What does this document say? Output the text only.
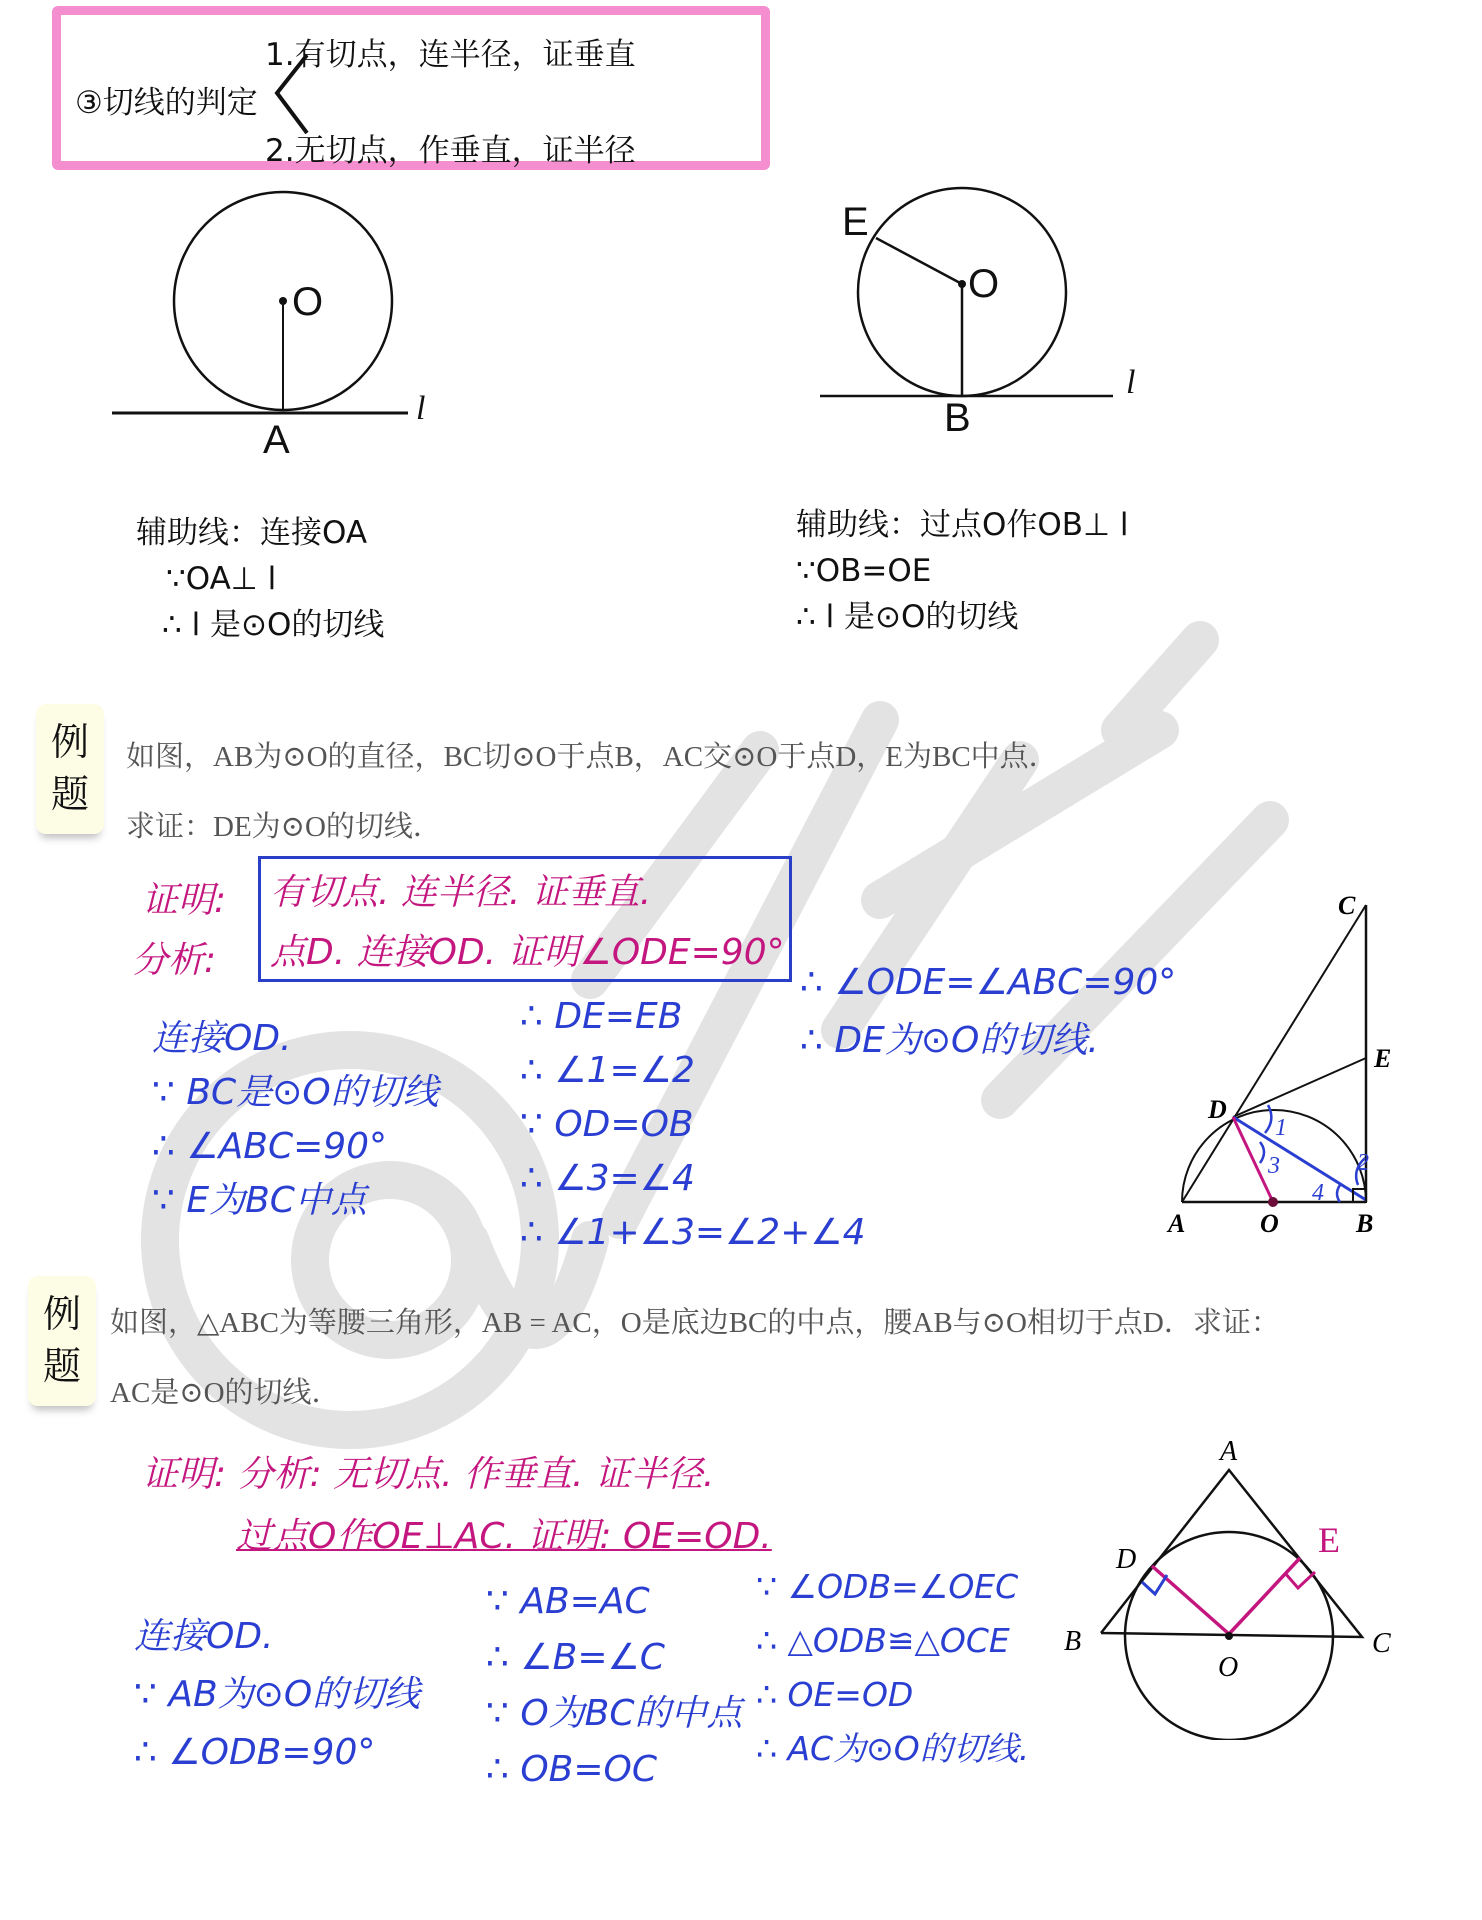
③切线的判定
1.有切点，连半径，证垂直
2.无切点，作垂直，证半径
O
A
l
E
O
B
l
辅助线：连接OA
∵OA⊥ l
∴ l 是⊙O的切线
辅助线：过点O作OB⊥ l
∵OB=OE
∴ l 是⊙O的切线
例
题
如图，AB为⊙O的直径，BC切⊙O于点B，AC交⊙O于点D，E为BC中点．
求证：DE为⊙O的切线．
证明:
分析:
有切点. 连半径. 证垂直.
点D. 连接OD. 证明∠ODE=90°
连接OD.
∵ BC是⊙O的切线
∴ ∠ABC=90°
∵ E为BC中点
∴ DE=EB
∴ ∠1=∠2
∵ OD=OB
∴ ∠3=∠4
∴ ∠1+∠3=∠2+∠4
∴ ∠ODE=∠ABC=90°
∴ DE为⊙O的切线.
1
2
3
4
A	O	B
C
E
D
例
题
如图，△ABC为等腰三角形，AB = AC，O是底边BC的中点，腰AB与⊙O相切于点D．求证：
AC是⊙O的切线．
证明: 分析: 无切点. 作垂直. 证半径.
过点O作OE⊥AC. 证明: OE=OD.
连接OD.
∵ AB为⊙O的切线
∴ ∠ODB=90°
∵ AB=AC
∴ ∠B=∠C
∵ O为BC的中点
∴ OB=OC
∵ ∠ODB=∠OEC
∴ △ODB≌△OCE
∴ OE=OD
∴ AC为⊙O的切线.
A
B	C
D
O
E
